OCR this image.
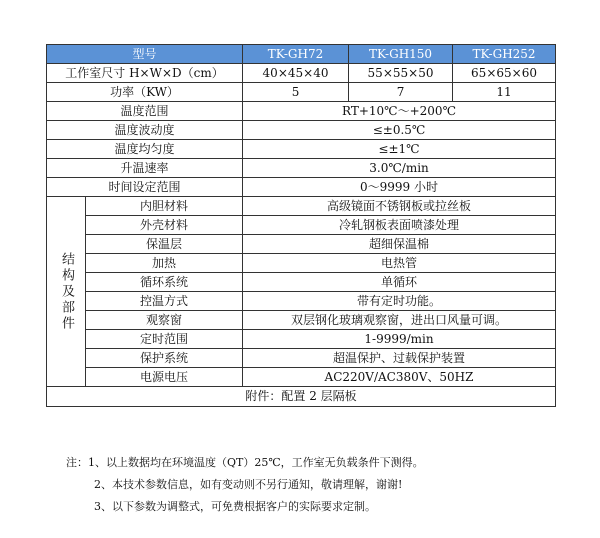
型号		TK-GH72	TK-GH150	TK-GH252
工作室尺寸 H×W×D（cm）		40×45×40	55×55×50	65×65×60
功率（KW）		5	7	11
温度范围		RT+10℃～+200℃		
温度波动度		≤±0.5℃		
温度均匀度		≤±1℃		
升温速率		3.0℃/min		
时间设定范围		0～9999 小时		
结构及部件	内胆材料	高级镜面不锈钢板或拉丝板		
	外壳材料	冷轧钢板表面喷漆处理		
	保温层	超细保温棉		
	加热	电热管		
	循环系统	单循环		
	控温方式	带有定时功能。		
	观察窗	双层钢化玻璃观察窗，进出口风量可调。		
	定时范围	1-9999/min		
	保护系统	超温保护、过载保护装置		
	电源电压	AC220V/AC380V、50HZ		
附件：配置 2 层隔板				
注：1、以上数据均在环境温度（QT）25℃，工作室无负载条件下测得。
2、本技术参数信息，如有变动则不另行通知，敬请理解，谢谢!
3、以下参数为调整式，可免费根据客户的实际要求定制。
